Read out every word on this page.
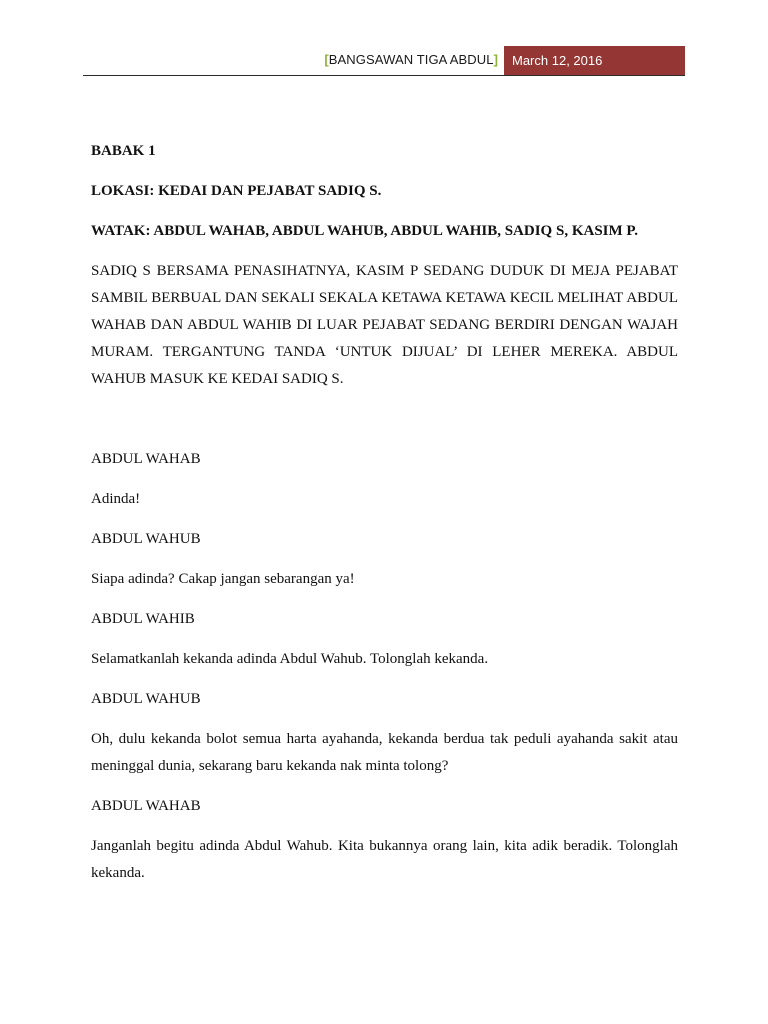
[BANGSAWAN TIGA ABDUL]	March 12, 2016

BABAK 1

LOKASI: KEDAI DAN PEJABAT SADIQ S.

WATAK: ABDUL WAHAB, ABDUL WAHUB, ABDUL WAHIB, SADIQ S, KASIM P.

SADIQ S BERSAMA PENASIHATNYA, KASIM P SEDANG DUDUK DI MEJA PEJABAT SAMBIL BERBUAL DAN SEKALI SEKALA KETAWA KETAWA KECIL MELIHAT ABDUL WAHAB DAN ABDUL WAHIB DI LUAR PEJABAT SEDANG BERDIRI DENGAN WAJAH MURAM. TERGANTUNG TANDA ‘UNTUK DIJUAL’ DI LEHER MEREKA. ABDUL WAHUB MASUK KE KEDAI SADIQ S.

ABDUL WAHAB

Adinda!

ABDUL WAHUB

Siapa adinda? Cakap jangan sebarangan ya!

ABDUL WAHIB

Selamatkanlah kekanda adinda Abdul Wahub. Tolonglah kekanda.

ABDUL WAHUB

Oh, dulu kekanda bolot semua harta ayahanda, kekanda berdua tak peduli ayahanda sakit atau meninggal dunia, sekarang baru kekanda nak minta tolong?

ABDUL WAHAB

Janganlah begitu adinda Abdul Wahub. Kita bukannya orang lain, kita adik beradik. Tolonglah kekanda.
